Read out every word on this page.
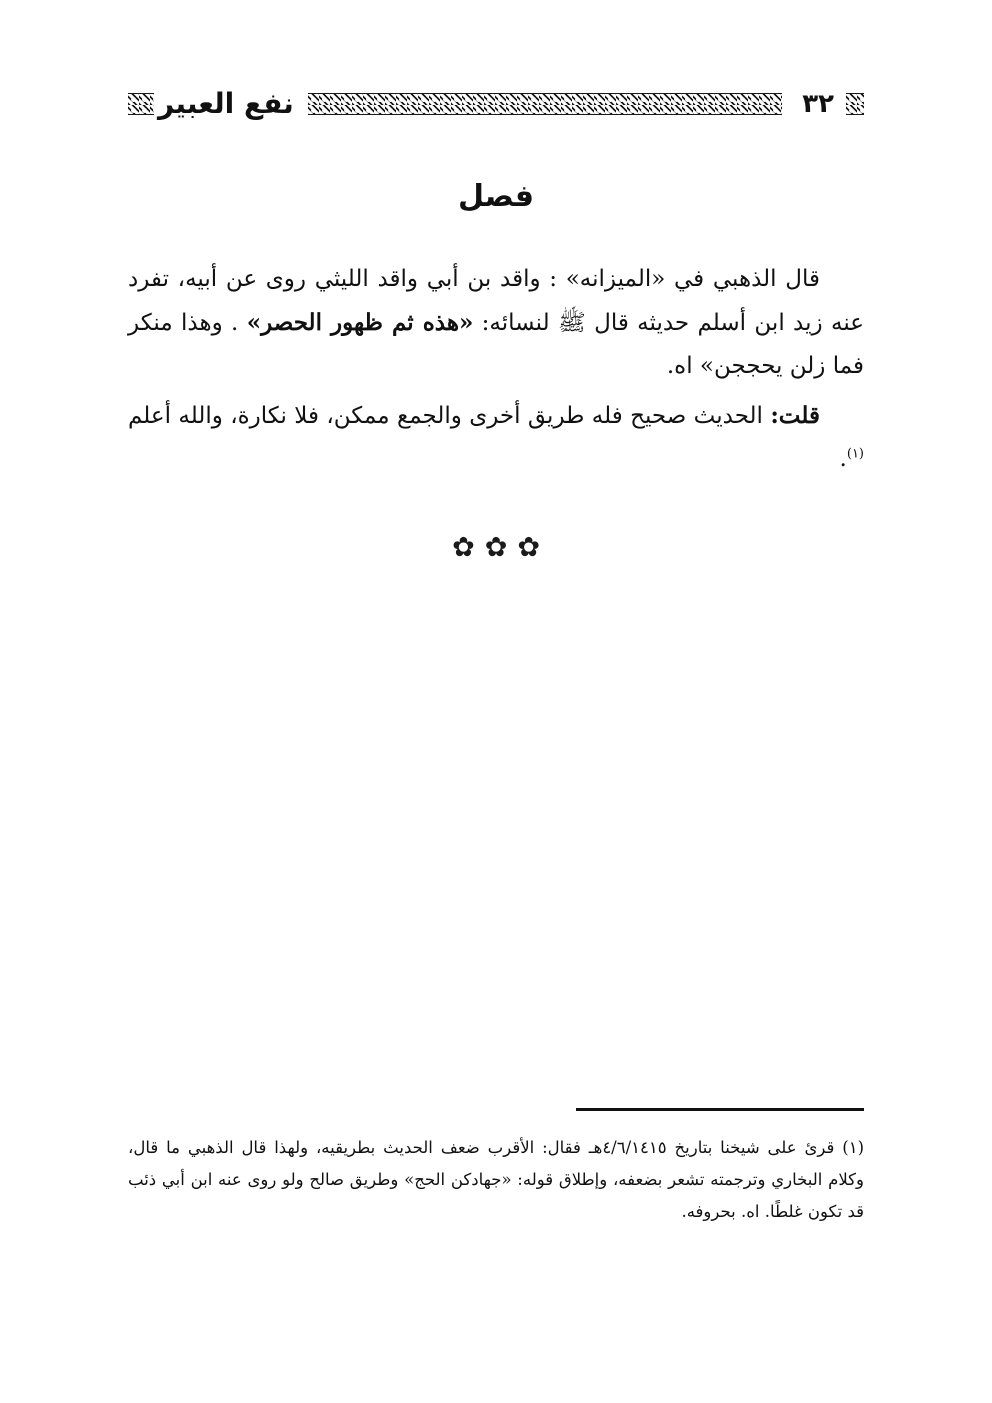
٣٢
نفع العبير
فصل

قال الذهبي في «الميزانه» : واقد بن أبي واقد الليثي روى عن أبيه، تفرد عنه زيد ابن أسلم حديثه قال ﷺ لنسائه: «هذه ثم ظهور الحصر» . وهذا منكر فما زلن يحججن» اه.

قلت: الحديث صحيح فله طريق أخرى والجمع ممكن، فلا نكارة، والله أعلم $^{(١)}$.

✿
✿
✿

(١) قرئ على شيخنا بتاريخ ٤/٦/١٤١٥هـ فقال: الأقرب ضعف الحديث بطريقيه، ولهذا قال الذهبي ما قال، وكلام البخاري وترجمته تشعر بضعفه، وإطلاق قوله: «جهادكن الحج» وطريق صالح ولو روى عنه ابن أبي ذئب قد تكون غلطًا. اه. بحروفه.
